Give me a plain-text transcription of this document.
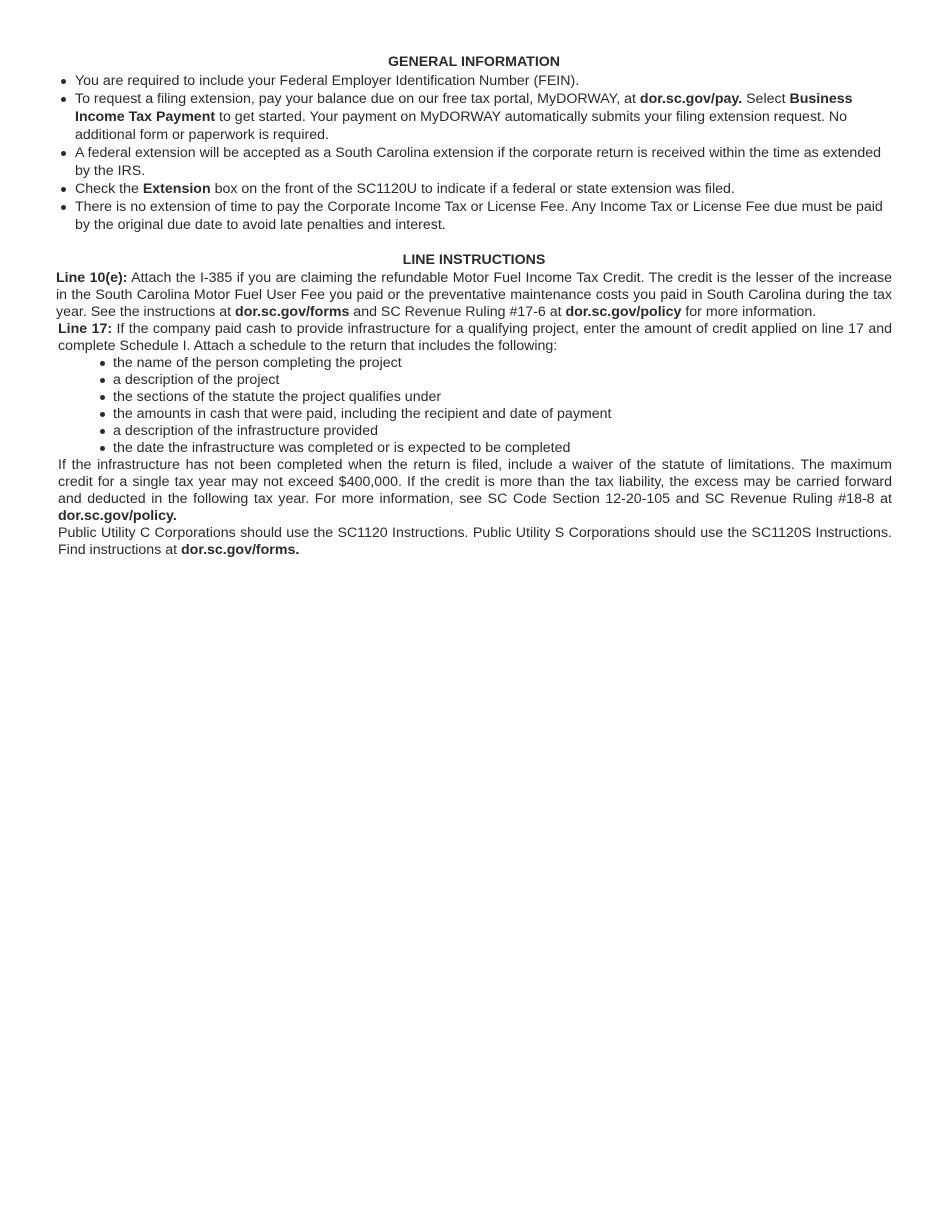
GENERAL INFORMATION
You are required to include your Federal Employer Identification Number (FEIN).
To request a filing extension, pay your balance due on our free tax portal, MyDORWAY, at dor.sc.gov/pay. Select Business Income Tax Payment to get started. Your payment on MyDORWAY automatically submits your filing extension request. No additional form or paperwork is required.
A federal extension will be accepted as a South Carolina extension if the corporate return is received within the time as extended by the IRS.
Check the Extension box on the front of the SC1120U to indicate if a federal or state extension was filed.
There is no extension of time to pay the Corporate Income Tax or License Fee. Any Income Tax or License Fee due must be paid by the original due date to avoid late penalties and interest.
LINE INSTRUCTIONS

Line 10(e): Attach the I-385 if you are claiming the refundable Motor Fuel Income Tax Credit. The credit is the lesser of the increase in the South Carolina Motor Fuel User Fee you paid or the preventative maintenance costs you paid in South Carolina during the tax year. See the instructions at dor.sc.gov/forms and SC Revenue Ruling #17-6 at dor.sc.gov/policy for more information.

Line 17: If the company paid cash to provide infrastructure for a qualifying project, enter the amount of credit applied on line 17 and complete Schedule I. Attach a schedule to the return that includes the following:

the name of the person completing the project
a description of the project
the sections of the statute the project qualifies under
the amounts in cash that were paid, including the recipient and date of payment
a description of the infrastructure provided
the date the infrastructure was completed or is expected to be completed

If the infrastructure has not been completed when the return is filed, include a waiver of the statute of limitations. The maximum credit for a single tax year may not exceed $400,000. If the credit is more than the tax liability, the excess may be carried forward and deducted in the following tax year. For more information, see SC Code Section 12-20-105 and SC Revenue Ruling #18-8 at dor.sc.gov/policy.

Public Utility C Corporations should use the SC1120 Instructions. Public Utility S Corporations should use the SC1120S Instructions. Find instructions at dor.sc.gov/forms.
